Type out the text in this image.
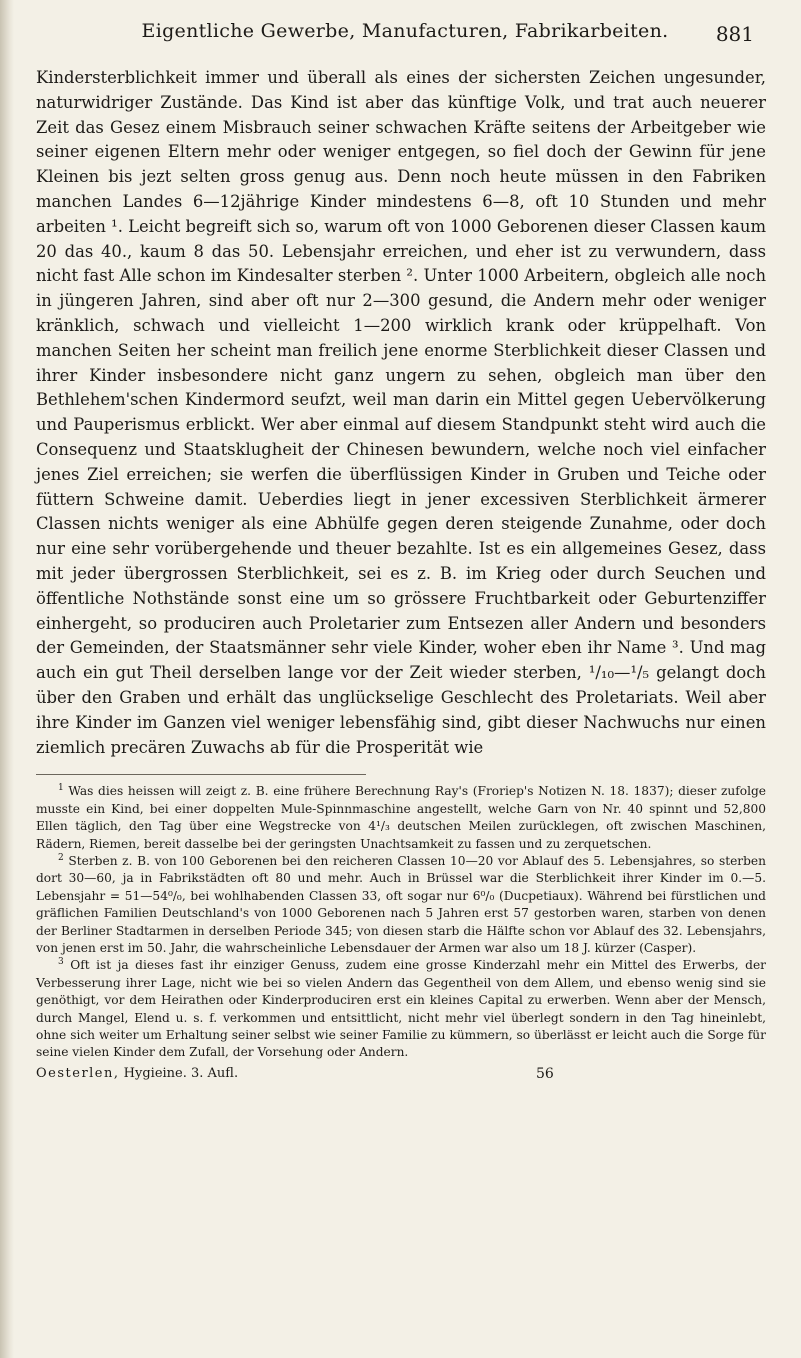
Eigentliche Gewerbe, Manufacturen, Fabrikarbeiten.	881

Kindersterblichkeit immer und überall als eines der sichersten Zeichen ungesunder, naturwidriger Zustände. Das Kind ist aber das künftige Volk, und trat auch neuerer Zeit das Gesez einem Misbrauch seiner schwachen Kräfte seitens der Arbeitgeber wie seiner eigenen Eltern mehr oder weniger entgegen, so fiel doch der Gewinn für jene Kleinen bis jezt selten gross genug aus. Denn noch heute müssen in den Fabriken manchen Landes 6—12jährige Kinder mindestens 6—8, oft 10 Stunden und mehr arbeiten ¹. Leicht begreift sich so, warum oft von 1000 Geborenen dieser Classen kaum 20 das 40., kaum 8 das 50. Lebensjahr erreichen, und eher ist zu verwundern, dass nicht fast Alle schon im Kindesalter sterben ². Unter 1000 Arbeitern, obgleich alle noch in jüngeren Jahren, sind aber oft nur 2—300 gesund, die Andern mehr oder weniger kränklich, schwach und vielleicht 1—200 wirklich krank oder krüppelhaft. Von manchen Seiten her scheint man freilich jene enorme Sterblichkeit dieser Classen und ihrer Kinder insbesondere nicht ganz ungern zu sehen, obgleich man über den Bethlehem'schen Kindermord seufzt, weil man darin ein Mittel gegen Uebervölkerung und Pauperismus erblickt. Wer aber einmal auf diesem Standpunkt steht wird auch die Consequenz und Staatsklugheit der Chinesen bewundern, welche noch viel einfacher jenes Ziel erreichen; sie werfen die überflüssigen Kinder in Gruben und Teiche oder füttern Schweine damit. Ueberdies liegt in jener excessiven Sterblichkeit ärmerer Classen nichts weniger als eine Abhülfe gegen deren steigende Zunahme, oder doch nur eine sehr vorübergehende und theuer bezahlte. Ist es ein allgemeines Gesez, dass mit jeder übergrossen Sterblichkeit, sei es z. B. im Krieg oder durch Seuchen und öffentliche Nothstände sonst eine um so grössere Fruchtbarkeit oder Geburtenziffer einhergeht, so produciren auch Proletarier zum Entsezen aller Andern und besonders der Gemeinden, der Staatsmänner sehr viele Kinder, woher eben ihr Name ³. Und mag auch ein gut Theil derselben lange vor der Zeit wieder sterben, ¹/₁₀—¹/₅ gelangt doch über den Graben und erhält das unglückselige Geschlecht des Proletariats. Weil aber ihre Kinder im Ganzen viel weniger lebensfähig sind, gibt dieser Nachwuchs nur einen ziemlich precären Zuwachs ab für die Prosperität wie

$^1$ Was dies heissen will zeigt z. B. eine frühere Berechnung Ray's (Froriep's Notizen N. 18. 1837); dieser zufolge musste ein Kind, bei einer doppelten Mule-Spinnmaschine angestellt, welche Garn von Nr. 40 spinnt und 52,800 Ellen täglich, den Tag über eine Wegstrecke von 4¹/₃ deutschen Meilen zurücklegen, oft zwischen Maschinen, Rädern, Riemen, bereit dasselbe bei der geringsten Unachtsamkeit zu fassen und zu zerquetschen.

$^2$ Sterben z. B. von 100 Geborenen bei den reicheren Classen 10—20 vor Ablauf des 5. Lebensjahres, so sterben dort 30—60, ja in Fabrikstädten oft 80 und mehr. Auch in Brüssel war die Sterblichkeit ihrer Kinder im 0.—5. Lebensjahr = 51—54⁰/₀, bei wohlhabenden Classen 33, oft sogar nur 6⁰/₀ (Ducpetiaux). Während bei fürstlichen und gräflichen Familien Deutschland's von 1000 Geborenen nach 5 Jahren erst 57 gestorben waren, starben von denen der Berliner Stadtarmen in derselben Periode 345; von diesen starb die Hälfte schon vor Ablauf des 32. Lebensjahrs, von jenen erst im 50. Jahr, die wahrscheinliche Lebensdauer der Armen war also um 18 J. kürzer (Casper).

$^3$ Oft ist ja dieses fast ihr einziger Genuss, zudem eine grosse Kinderzahl mehr ein Mittel des Erwerbs, der Verbesserung ihrer Lage, nicht wie bei so vielen Andern das Gegentheil von dem Allem, und ebenso wenig sind sie genöthigt, vor dem Heirathen oder Kinderproduciren erst ein kleines Capital zu erwerben. Wenn aber der Mensch, durch Mangel, Elend u. s. f. verkommen und entsittlicht, nicht mehr viel überlegt sondern in den Tag hineinlebt, ohne sich weiter um Erhaltung seiner selbst wie seiner Familie zu kümmern, so überlässt er leicht auch die Sorge für seine vielen Kinder dem Zufall, der Vorsehung oder Andern.

Oesterlen, Hygieine. 3. Aufl.	56
